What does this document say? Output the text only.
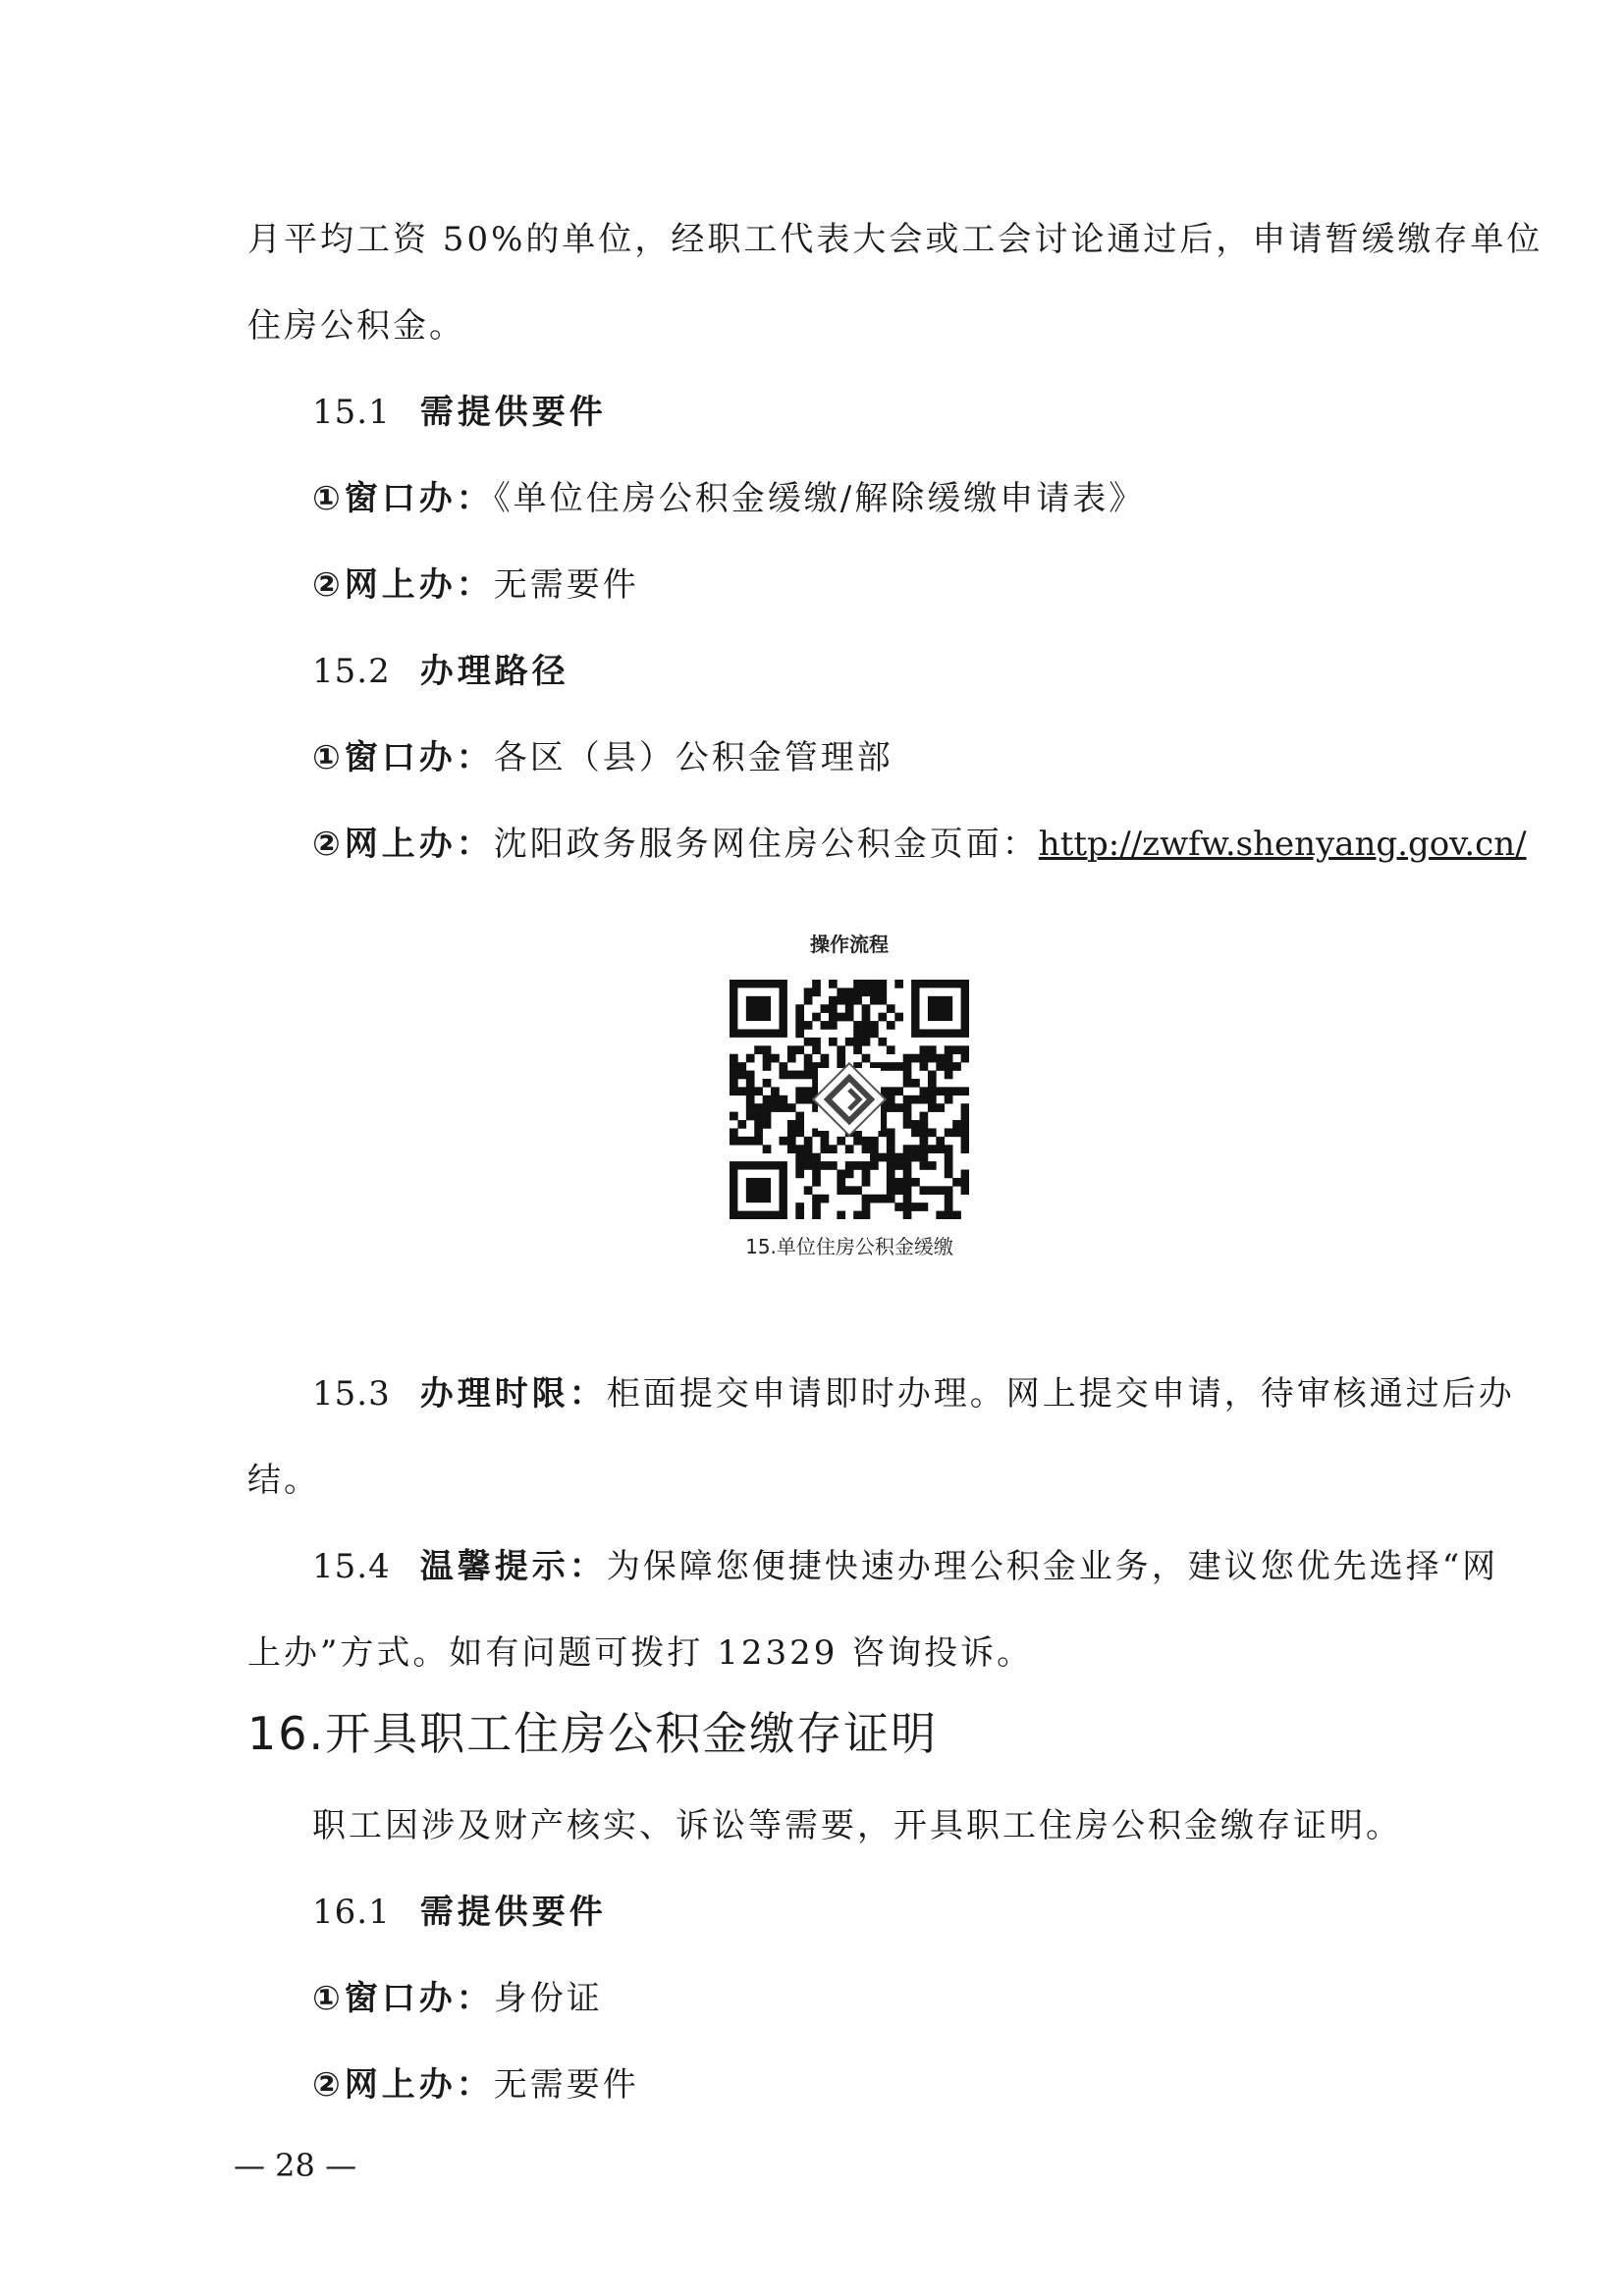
月平均工资 50%的单位，经职工代表大会或工会讨论通过后，申请暂缓缴存单位
住房公积金。
15.1 需提供要件
①窗口办：《单位住房公积金缓缴/解除缓缴申请表》
②网上办：无需要件
15.2 办理路径
①窗口办：各区（县）公积金管理部
②网上办：沈阳政务服务网住房公积金页面：http://zwfw.shenyang.gov.cn/
操作流程
15.单位住房公积金缓缴
15.3 办理时限：柜面提交申请即时办理。网上提交申请，待审核通过后办
结。
15.4 温馨提示：为保障您便捷快速办理公积金业务，建议您优先选择“网
上办”方式。如有问题可拨打 12329 咨询投诉。
16.开具职工住房公积金缴存证明
职工因涉及财产核实、诉讼等需要，开具职工住房公积金缴存证明。
16.1 需提供要件
①窗口办：身份证
②网上办：无需要件
— 28 —
